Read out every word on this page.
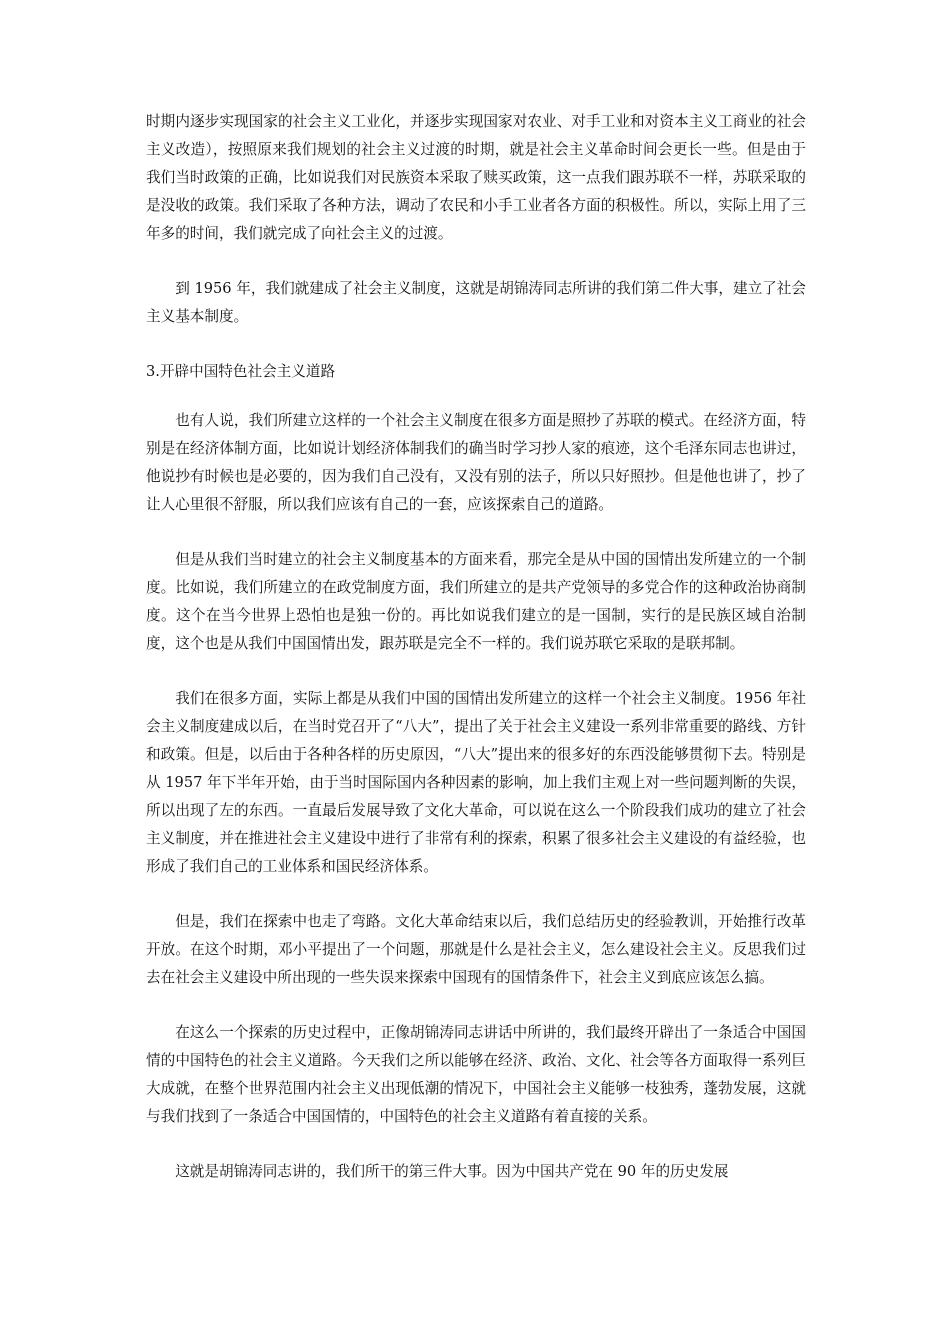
时期内逐步实现国家的社会主义工业化，并逐步实现国家对农业、对手工业和对资本主义工商业的社会主义改造），按照原来我们规划的社会主义过渡的时期，就是社会主义革命时间会更长一些。但是由于我们当时政策的正确，比如说我们对民族资本采取了赎买政策，这一点我们跟苏联不一样，苏联采取的是没收的政策。我们采取了各种方法，调动了农民和小手工业者各方面的积极性。所以，实际上用了三年多的时间，我们就完成了向社会主义的过渡。

到 1956 年，我们就建成了社会主义制度，这就是胡锦涛同志所讲的我们第二件大事，建立了社会主义基本制度。

3.开辟中国特色社会主义道路

也有人说，我们所建立这样的一个社会主义制度在很多方面是照抄了苏联的模式。在经济方面，特别是在经济体制方面，比如说计划经济体制我们的确当时学习抄人家的痕迹，这个毛泽东同志也讲过，他说抄有时候也是必要的，因为我们自己没有，又没有别的法子，所以只好照抄。但是他也讲了，抄了让人心里很不舒服，所以我们应该有自己的一套，应该探索自己的道路。

但是从我们当时建立的社会主义制度基本的方面来看，那完全是从中国的国情出发所建立的一个制度。比如说，我们所建立的在政党制度方面，我们所建立的是共产党领导的多党合作的这种政治协商制度。这个在当今世界上恐怕也是独一份的。再比如说我们建立的是一国制，实行的是民族区域自治制度，这个也是从我们中国国情出发，跟苏联是完全不一样的。我们说苏联它采取的是联邦制。

我们在很多方面，实际上都是从我们中国的国情出发所建立的这样一个社会主义制度。1956 年社会主义制度建成以后，在当时党召开了“八大”，提出了关于社会主义建设一系列非常重要的路线、方针和政策。但是，以后由于各种各样的历史原因，“八大”提出来的很多好的东西没能够贯彻下去。特别是从 1957 年下半年开始，由于当时国际国内各种因素的影响，加上我们主观上对一些问题判断的失误，所以出现了左的东西。一直最后发展导致了文化大革命，可以说在这么一个阶段我们成功的建立了社会主义制度，并在推进社会主义建设中进行了非常有利的探索，积累了很多社会主义建设的有益经验，也形成了我们自己的工业体系和国民经济体系。

但是，我们在探索中也走了弯路。文化大革命结束以后，我们总结历史的经验教训，开始推行改革开放。在这个时期，邓小平提出了一个问题，那就是什么是社会主义，怎么建设社会主义。反思我们过去在社会主义建设中所出现的一些失误来探索中国现有的国情条件下，社会主义到底应该怎么搞。

在这么一个探索的历史过程中，正像胡锦涛同志讲话中所讲的，我们最终开辟出了一条适合中国国情的中国特色的社会主义道路。今天我们之所以能够在经济、政治、文化、社会等各方面取得一系列巨大成就，在整个世界范围内社会主义出现低潮的情况下，中国社会主义能够一枝独秀，蓬勃发展，这就与我们找到了一条适合中国国情的，中国特色的社会主义道路有着直接的关系。

这就是胡锦涛同志讲的，我们所干的第三件大事。因为中国共产党在 90 年的历史发展
